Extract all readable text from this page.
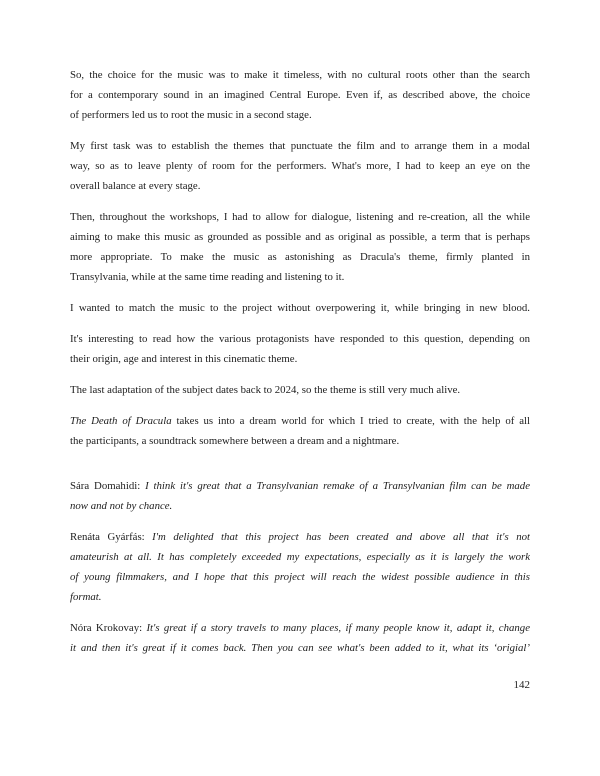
So, the choice for the music was to make it timeless, with no cultural roots other than the search
for a contemporary sound in an imagined Central Europe. Even if, as described above, the choice
of performers led us to root the music in a second stage.
My first task was to establish the themes that punctuate the film and to arrange them in a modal
way, so as to leave plenty of room for the performers. What's more, I had to keep an eye on the
overall balance at every stage.
Then, throughout the workshops, I had to allow for dialogue, listening and re-creation, all the while
aiming to make this music as grounded as possible and as original as possible, a term that is perhaps
more appropriate. To make the music as astonishing as Dracula's theme, firmly planted in
Transylvania, while at the same time reading and listening to it.
I wanted to match the music to the project without overpowering it, while bringing in new blood.
It's interesting to read how the various protagonists have responded to this question, depending on
their origin, age and interest in this cinematic theme.
The last adaptation of the subject dates back to 2024, so the theme is still very much alive.
The Death of Dracula takes us into a dream world for which I tried to create, with the help of all
the participants, a soundtrack somewhere between a dream and a nightmare.
Sára Domahidi: I think it's great that a Transylvanian remake of a Transylvanian film can be made
now and not by chance.
Renáta Gyárfás: I'm delighted that this project has been created and above all that it's not
amateurish at all. It has completely exceeded my expectations, especially as it is largely the work
of young filmmakers, and I hope that this project will reach the widest possible audience in this
format.
Nóra Krokovay: It's great if a story travels to many places, if many people know it, adapt it, change
it and then it's great if it comes back. Then you can see what's been added to it, what its ‘origial’
142
